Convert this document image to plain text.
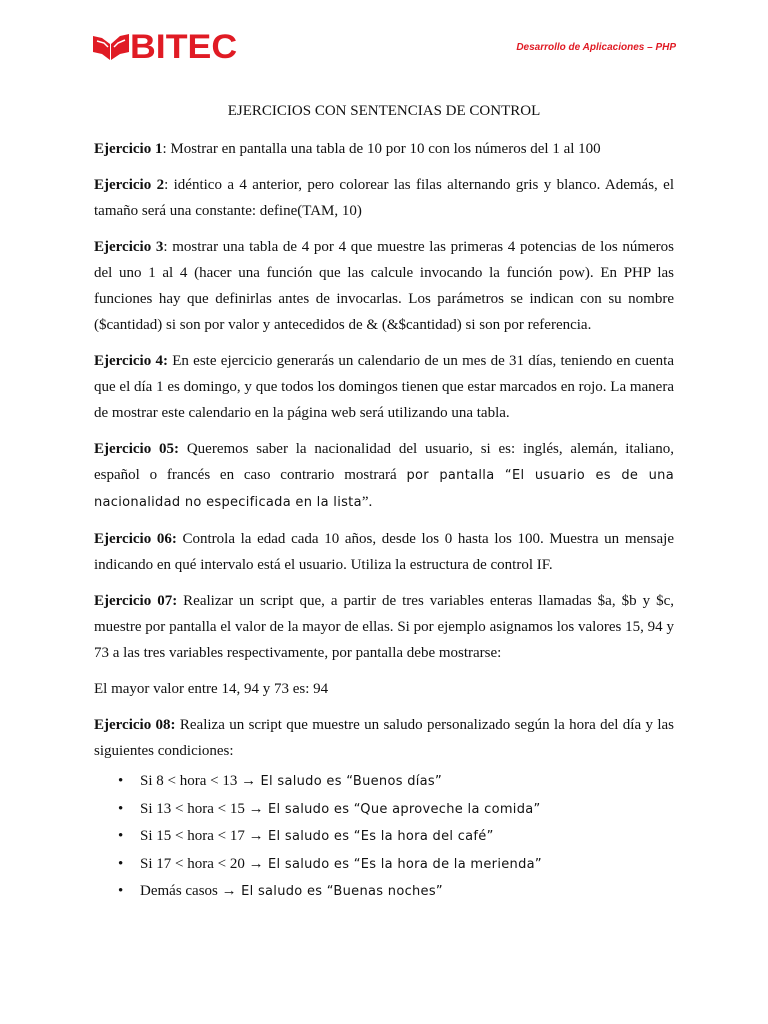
BITEC	Desarrollo de Aplicaciones – PHP
EJERCICIOS CON SENTENCIAS DE CONTROL

Ejercicio 1: Mostrar en pantalla una tabla de 10 por 10 con los números del 1 al 100

Ejercicio 2: idéntico a 4 anterior, pero colorear las filas alternando gris y blanco. Además, el tamaño será una constante: define(TAM, 10)

Ejercicio 3: mostrar una tabla de 4 por 4 que muestre las primeras 4 potencias de los números del uno 1 al 4 (hacer una función que las calcule invocando la función pow). En PHP las funciones hay que definirlas antes de invocarlas. Los parámetros se indican con su nombre ($cantidad) si son por valor y antecedidos de & (&$cantidad) si son por referencia.

Ejercicio 4: En este ejercicio generarás un calendario de un mes de 31 días, teniendo en cuenta que el día 1 es domingo, y que todos los domingos tienen que estar marcados en rojo. La manera de mostrar este calendario en la página web será utilizando una tabla.

Ejercicio 05: Queremos saber la nacionalidad del usuario, si es: inglés, alemán, italiano, español o francés en caso contrario mostrará por pantalla “El usuario es de una nacionalidad no especificada en la lista”.

Ejercicio 06: Controla la edad cada 10 años, desde los 0 hasta los 100. Muestra un mensaje indicando en qué intervalo está el usuario. Utiliza la estructura de control IF.

Ejercicio 07: Realizar un script que, a partir de tres variables enteras llamadas $a, $b y $c, muestre por pantalla el valor de la mayor de ellas. Si por ejemplo asignamos los valores 15, 94 y 73 a las tres variables respectivamente, por pantalla debe mostrarse:

El mayor valor entre 14, 94 y 73 es: 94

Ejercicio 08: Realiza un script que muestre un saludo personalizado según la hora del día y las siguientes condiciones:

• Si 8 < hora < 13 → El saludo es “Buenos días”
• Si 13 < hora < 15 → El saludo es “Que aproveche la comida”
• Si 15 < hora < 17 → El saludo es “Es la hora del café”
• Si 17 < hora < 20 → El saludo es “Es la hora de la merienda”
• Demás casos → El saludo es “Buenas noches”
